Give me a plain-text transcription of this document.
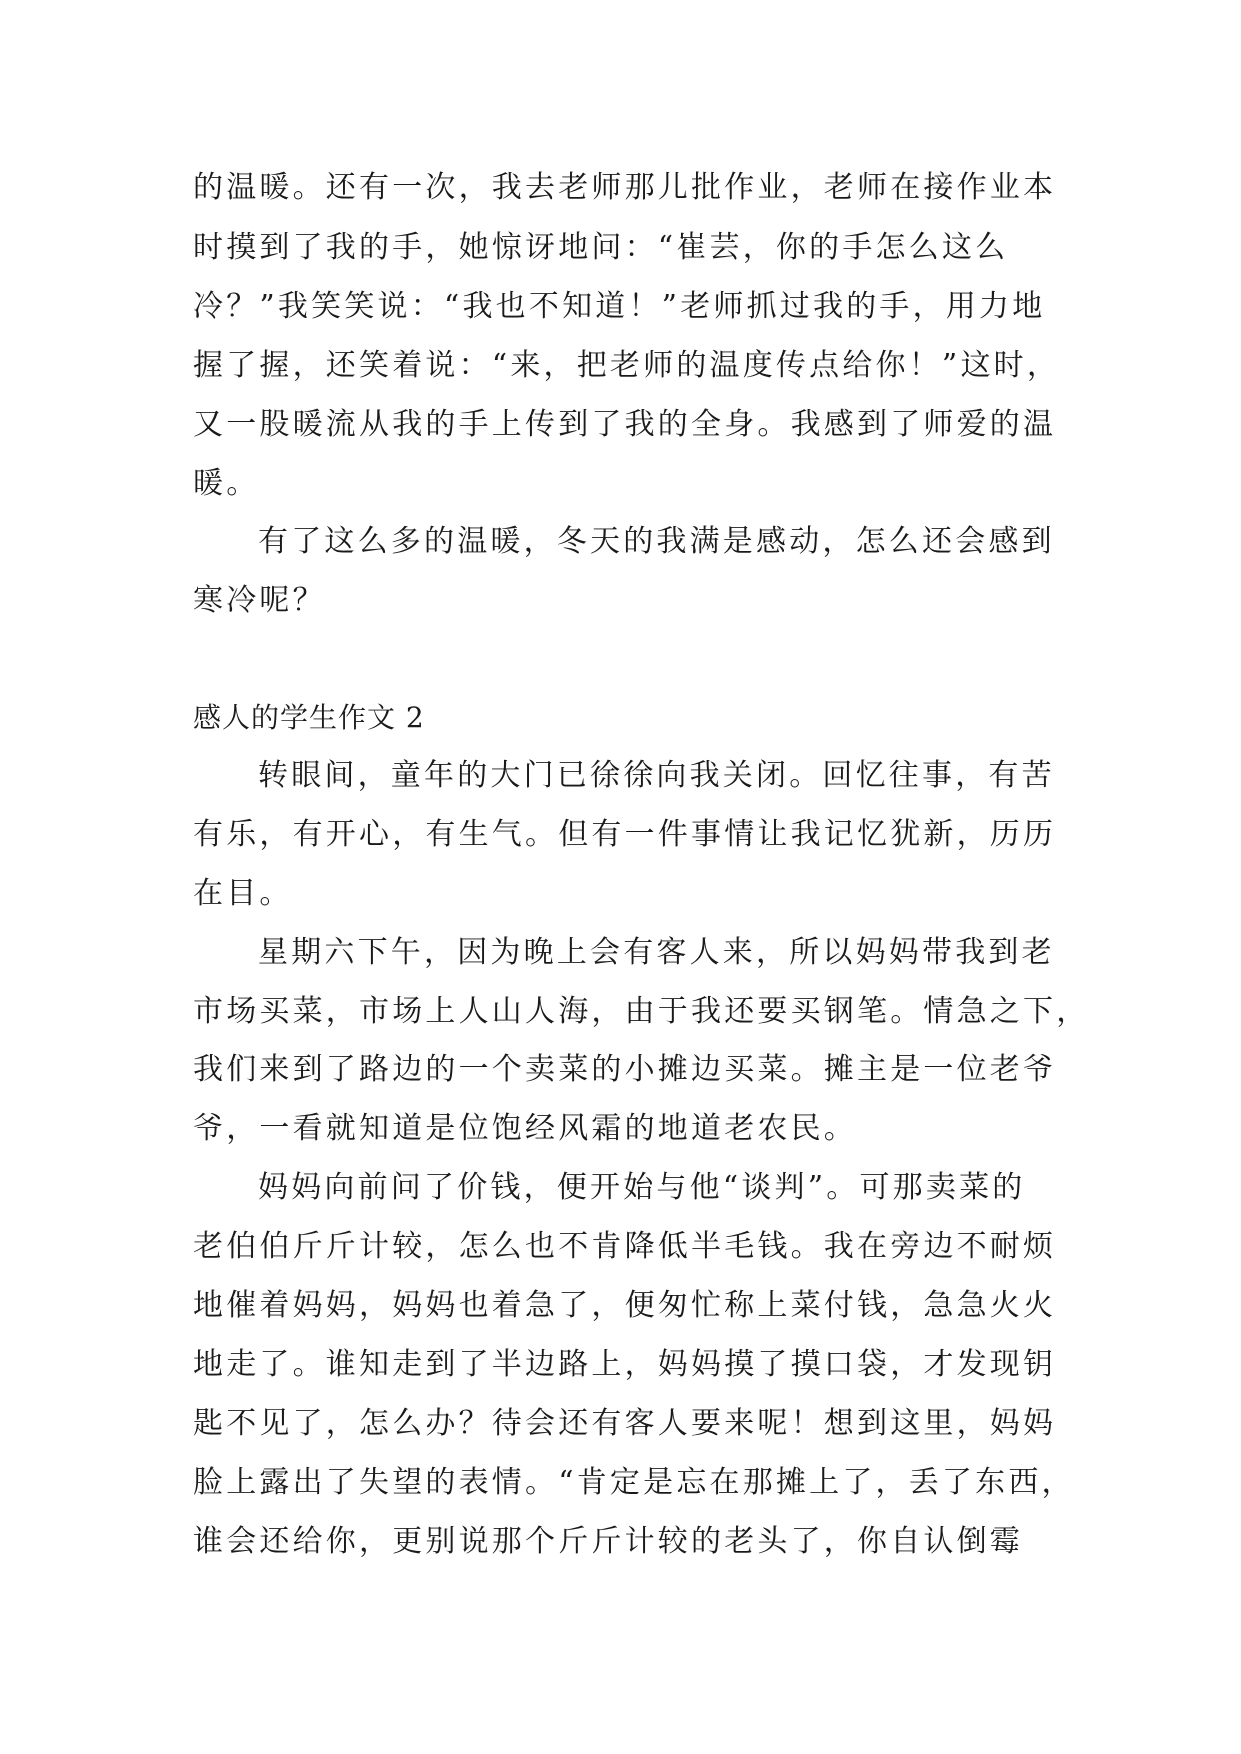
的温暖。还有一次，我去老师那儿批作业，老师在接作业本
时摸到了我的手，她惊讶地问：“崔芸，你的手怎么这么
冷？”我笑笑说：“我也不知道！”老师抓过我的手，用力地
握了握，还笑着说：“来，把老师的温度传点给你！”这时，
又一股暖流从我的手上传到了我的全身。我感到了师爱的温
暖。
有了这么多的温暖，冬天的我满是感动，怎么还会感到
寒冷呢？
感人的学生作文 2
转眼间，童年的大门已徐徐向我关闭。回忆往事，有苦
有乐，有开心，有生气。但有一件事情让我记忆犹新，历历
在目。
星期六下午，因为晚上会有客人来，所以妈妈带我到老
市场买菜，市场上人山人海，由于我还要买钢笔。情急之下，
我们来到了路边的一个卖菜的小摊边买菜。摊主是一位老爷
爷，一看就知道是位饱经风霜的地道老农民。
妈妈向前问了价钱，便开始与他“谈判”。可那卖菜的
老伯伯斤斤计较，怎么也不肯降低半毛钱。我在旁边不耐烦
地催着妈妈，妈妈也着急了，便匆忙称上菜付钱，急急火火
地走了。谁知走到了半边路上，妈妈摸了摸口袋，才发现钥
匙不见了，怎么办？待会还有客人要来呢！想到这里，妈妈
脸上露出了失望的表情。“肯定是忘在那摊上了，丢了东西，
谁会还给你，更别说那个斤斤计较的老头了，你自认倒霉
